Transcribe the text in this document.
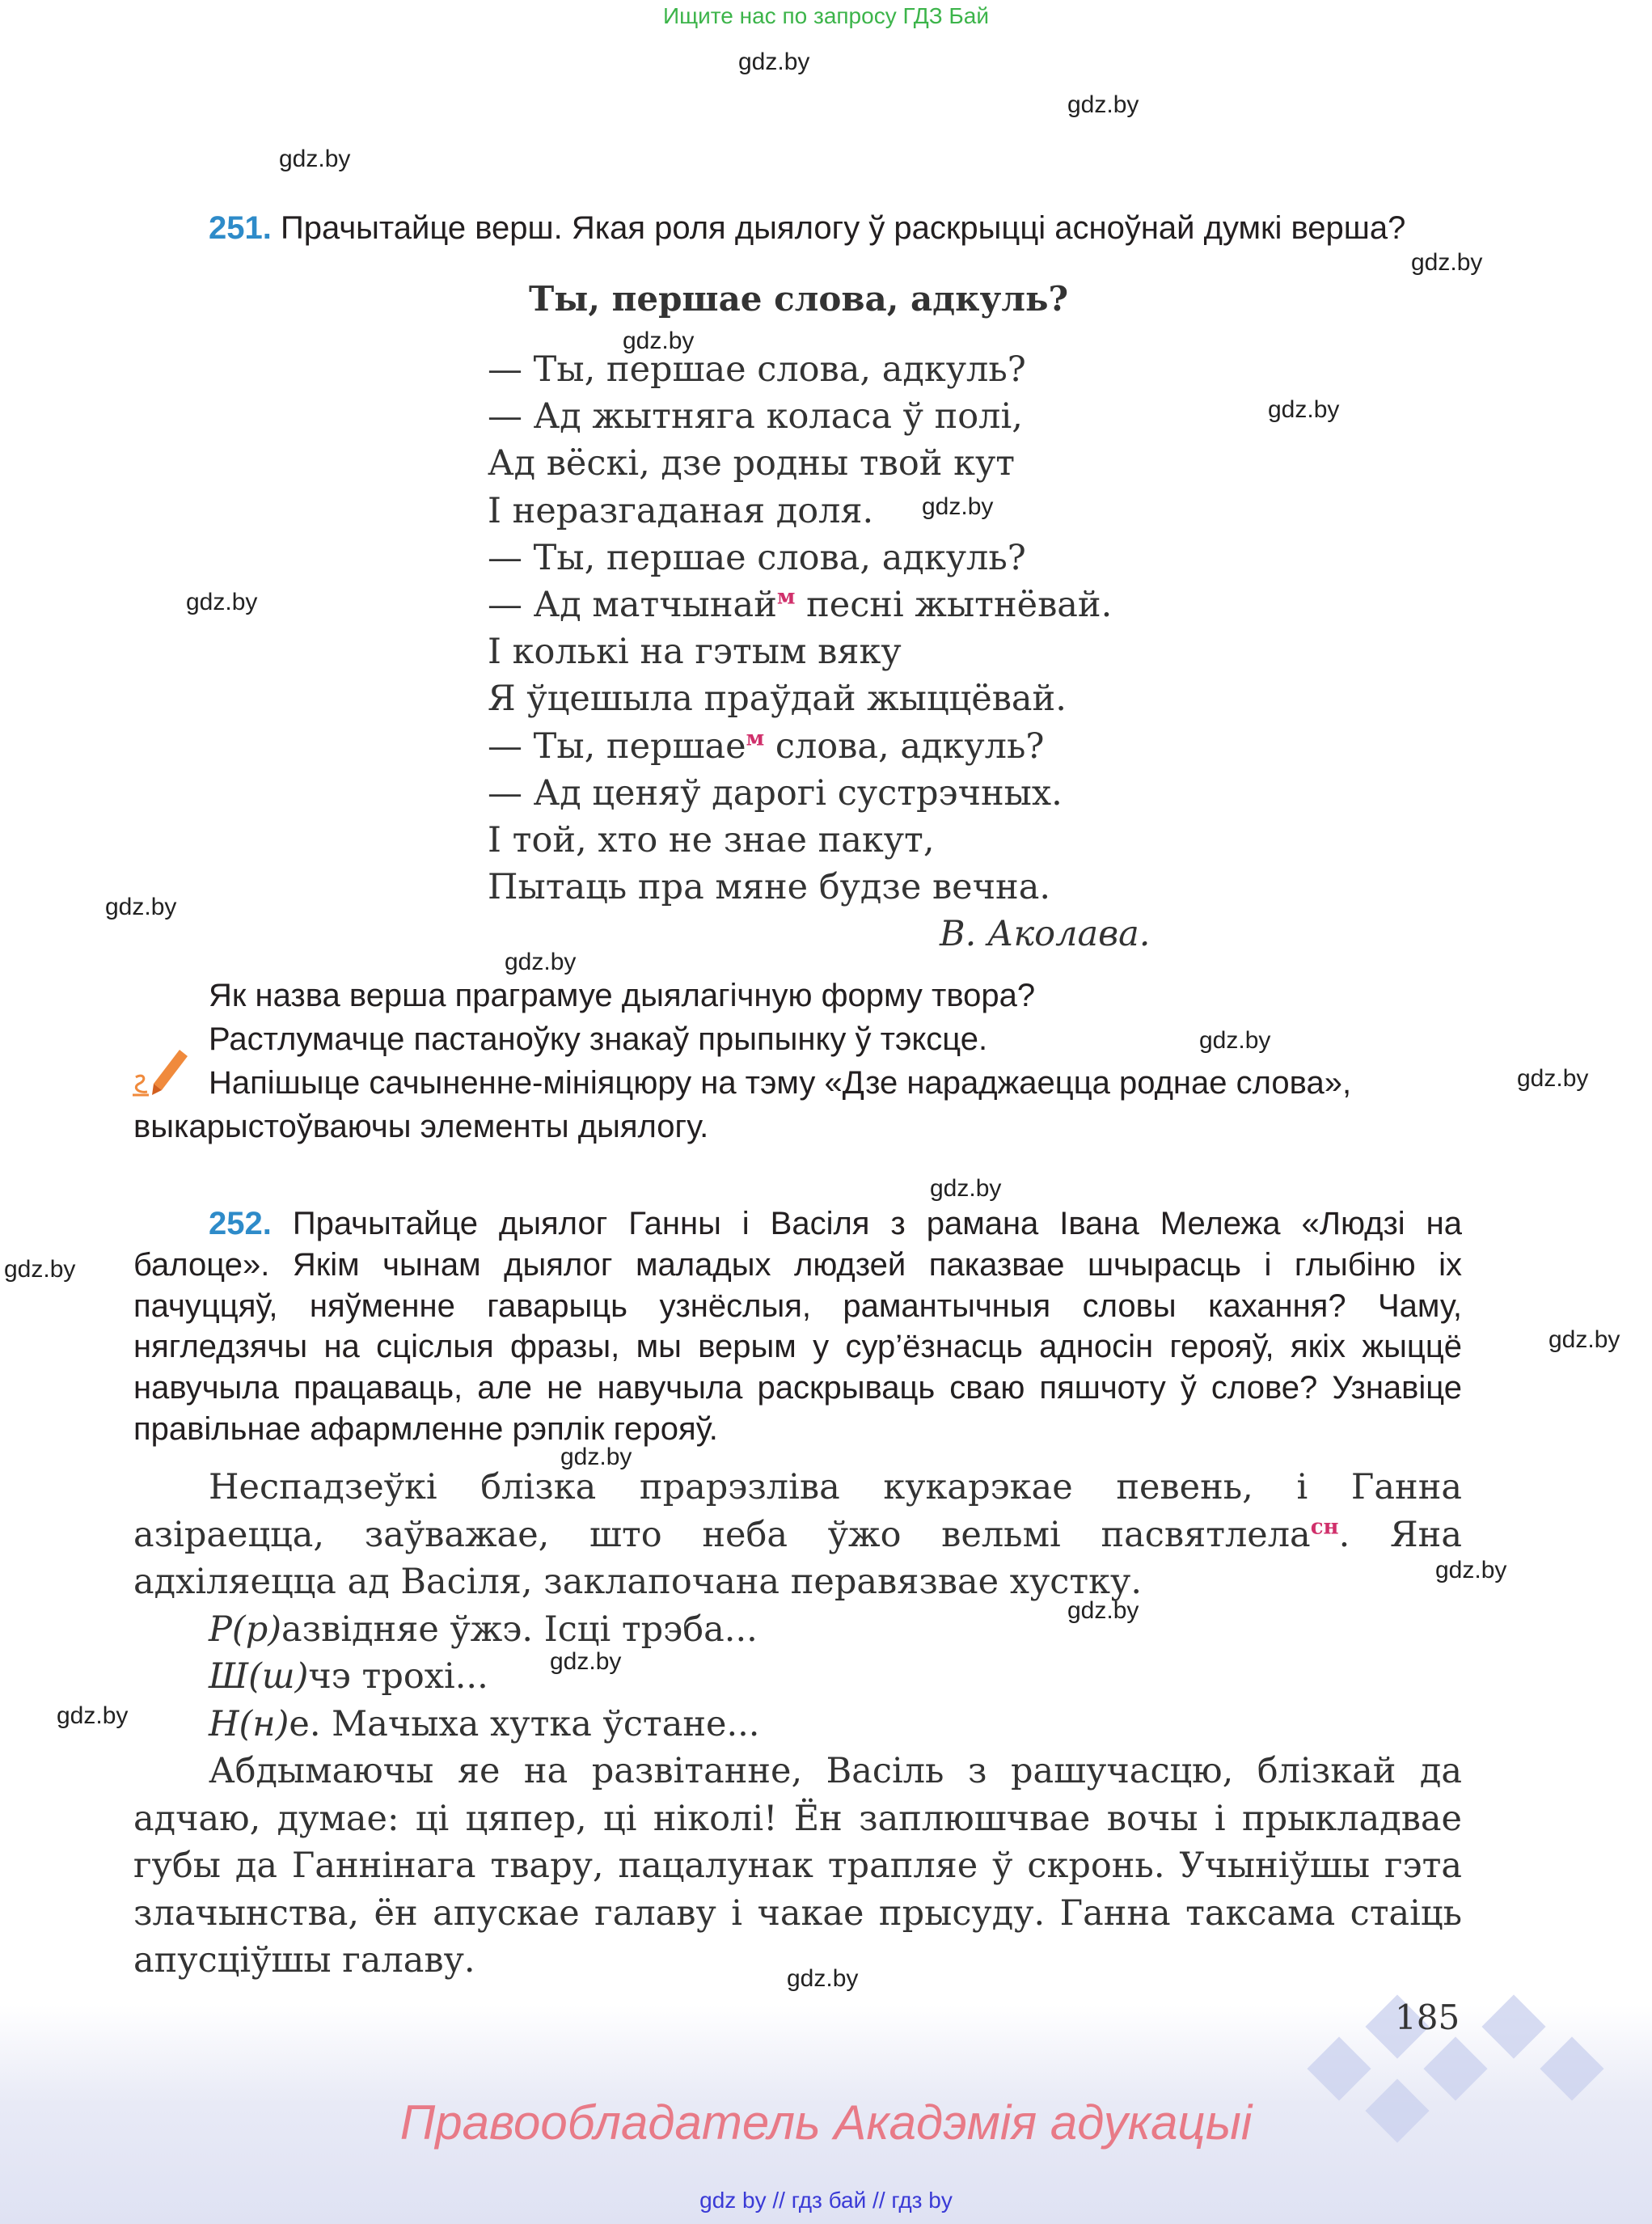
Ищите нас по запросу ГДЗ Бай
gdz.by
gdz.by
gdz.by
gdz.by
gdz.by
gdz.by
gdz.by
gdz.by
gdz.by
gdz.by
gdz.by
gdz.by
gdz.by
gdz.by
gdz.by
gdz.by
gdz.by
gdz.by
gdz.by
gdz.by
gdz.by
251. Прачытайце верш. Якая роля дыялогу ў раскрыцці асноўнай думкі верша?
Ты, першае слова, адкуль?
— Ты, першае слова, адкуль?
— Ад жытняга коласа ў полі,
Ад вёскі, дзе родны твой кут
І неразгаданая доля.
— Ты, першае слова, адкуль?
— Ад матчынай$^м$ песні жытнёвай.
І колькі на гэтым вяку
Я ўцешыла праўдай жыццёвай.
— Ты, першае$^м$ слова, адкуль?
— Ад ценяў дарогі сустрэчных.
І той, хто не знае пакут,
Пытаць пра мяне будзе вечна.
В. Аколава.
Як назва верша праграмуе дыялагічную форму твора?
Растлумачце пастаноўку знакаў прыпынку ў тэксце.
Напішыце сачыненне-мініяцюру на тэму «Дзе нараджаецца роднае слова»,
выкарыстоўваючы элементы дыялогу.
252. Прачытайце дыялог Ганны і Васіля з рамана Івана Мележа «Людзі на балоце». Якім чынам дыялог маладых людзей паказвае шчырасць і глыбіню іх пачуццяў, няўменне гаварыць узнёслыя, рамантычныя словы кахання? Чаму, нягледзячы на сціслыя фразы, мы верым у сур’ёзнасць адносін герояў, якіх жыццё навучыла працаваць, але не навучыла раскрываць сваю пяшчоту ў слове? Узнавіце правільнае афармленне рэплік герояў.

Неспадзеўкі блізка прарэзліва кукарэкае певень, і Ганна азіраецца, заўважае, што неба ўжо вельмі пасвятлела$^{сн}$. Яна адхіляецца ад Васіля, заклапочана перавязвае хустку.

Р(р)азвідняе ўжэ. Ісці трэба...
Ш(ш)чэ трохі...
Н(н)е. Мачыха хутка ўстане...

Абдымаючы яе на развітанне, Васіль з рашучасцю, блізкай да адчаю, думае: ці цяпер, ці ніколі! Ён заплюшчвае вочы і прыкладвае губы да Ганнінага твару, пацалунак трапляе ў скронь. Учыніўшы гэта злачынства, ён апускае галаву і чакае прысуду. Ганна таксама стаіць апусціўшы галаву.

185
Правообладатель Акадэмія адукацыі
gdz by // гдз бай // гдз by
